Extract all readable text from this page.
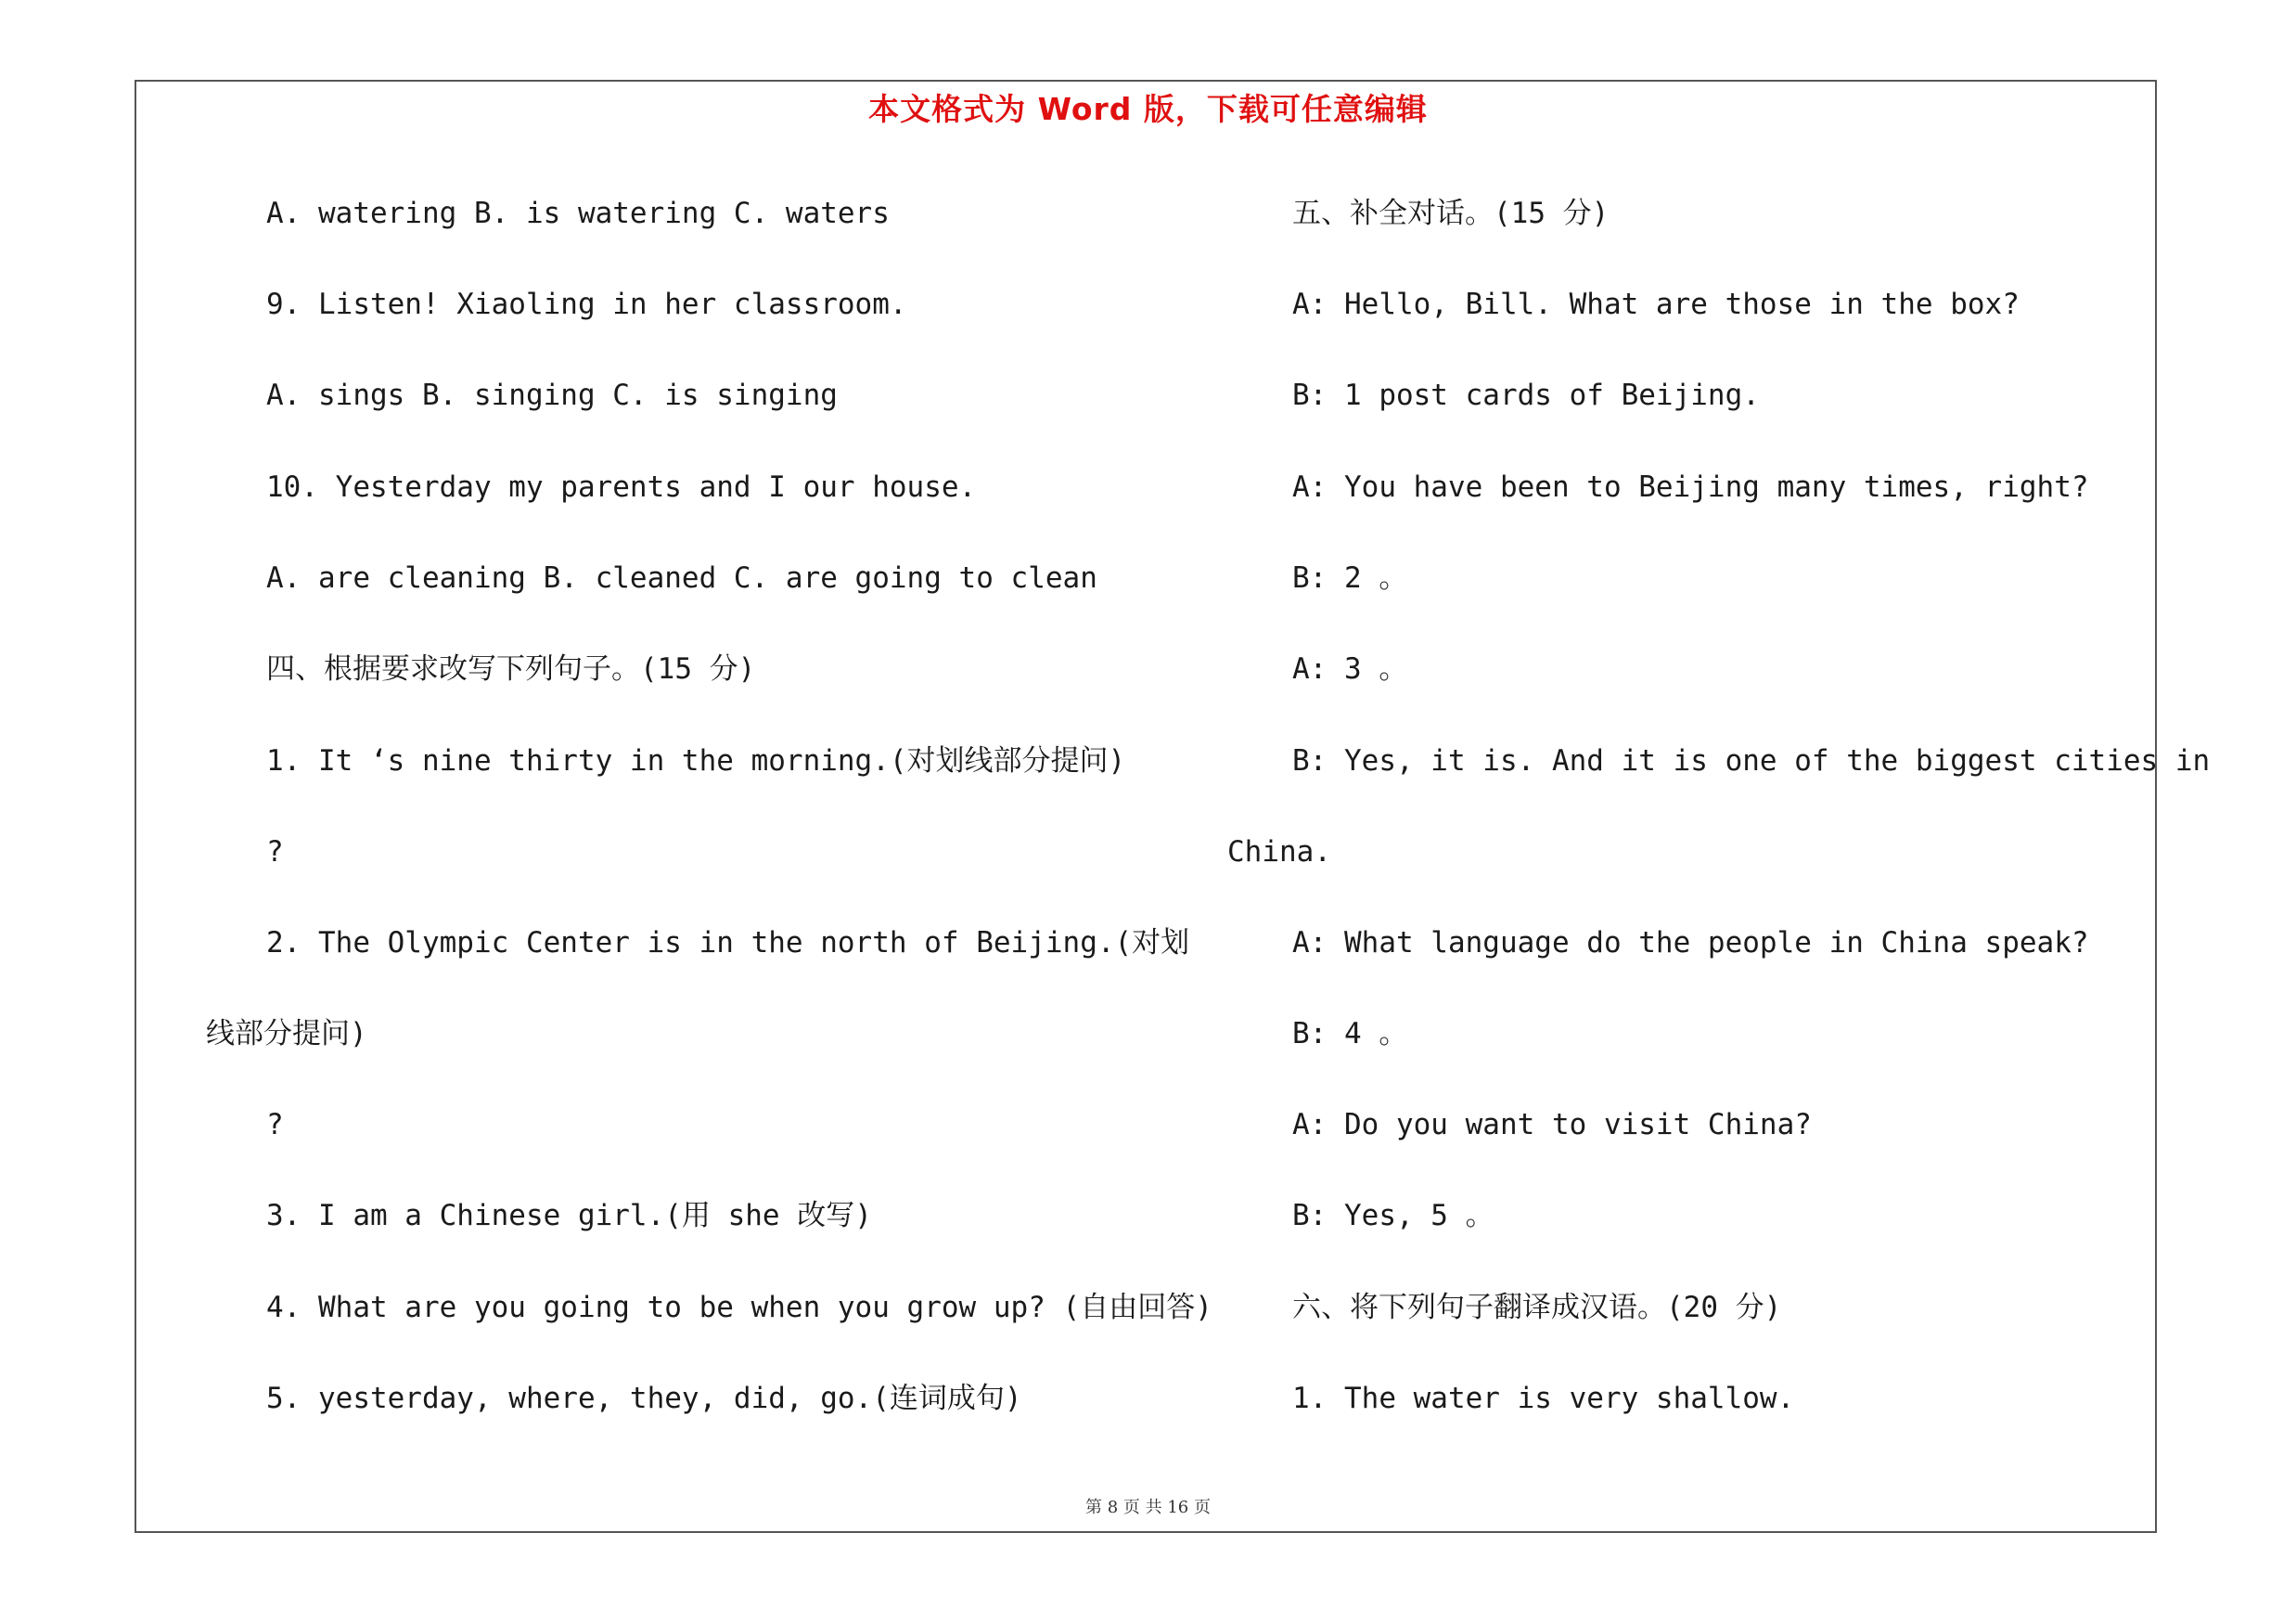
本文格式为 Word 版，下载可任意编辑
A. watering B. is watering C. waters
9. Listen! Xiaoling in her classroom.
A. sings B. singing C. is singing
10. Yesterday my parents and I our house.
A. are cleaning B. cleaned C. are going to clean
四、根据要求改写下列句子。(15 分)
1. It ‘s nine thirty in the morning.(对划线部分提问)
?
2. The Olympic Center is in the north of Beijing.(对划
线部分提问)
?
3. I am a Chinese girl.(用 she 改写)
4. What are you going to be when you grow up? (自由回答)
5. yesterday, where, they, did, go.(连词成句)
五、补全对话。(15 分)
A: Hello, Bill. What are those in the box?
B: 1 post cards of Beijing.
A: You have been to Beijing many times, right?
B: 2 。
A: 3 。
B: Yes, it is. And it is one of the biggest cities in
China.
A: What language do the people in China speak?
B: 4 。
A: Do you want to visit China?
B: Yes, 5 。
六、将下列句子翻译成汉语。(20 分)
1. The water is very shallow.
第 8 页 共 16 页
